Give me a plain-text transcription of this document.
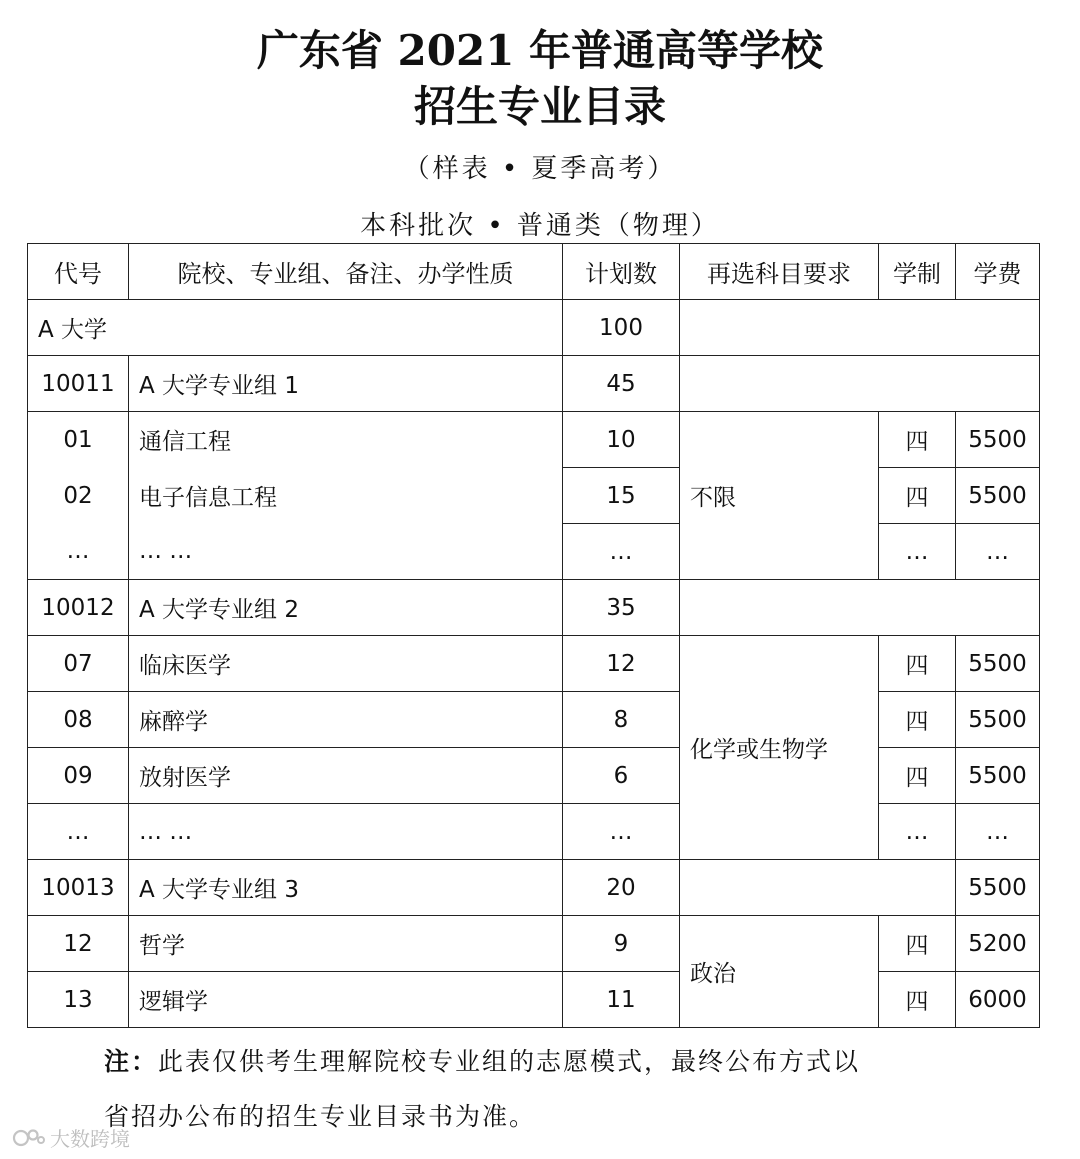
广东省 2021 年普通高等学校
招生专业目录
（样表 • 夏季高考）
本科批次 • 普通类（物理）
代号	院校、专业组、备注、办学性质	计划数	再选科目要求	学制	学费
A 大学		100			
10011	A 大学专业组 1	45			
01	通信工程	10	不限	四	5500
02	电子信息工程	15		四	5500
…	… …	…		…	…
10012	A 大学专业组 2	35			
07	临床医学	12	化学或生物学	四	5500
08	麻醉学	8		四	5500
09	放射医学	6		四	5500
…	… …	…		…	…
10013	A 大学专业组 3	20			5500
12	哲学	9	政治	四	5200
13	逻辑学	11		四	6000
注：此表仅供考生理解院校专业组的志愿模式，最终公布方式以
省招办公布的招生专业目录书为准。
大数跨境
